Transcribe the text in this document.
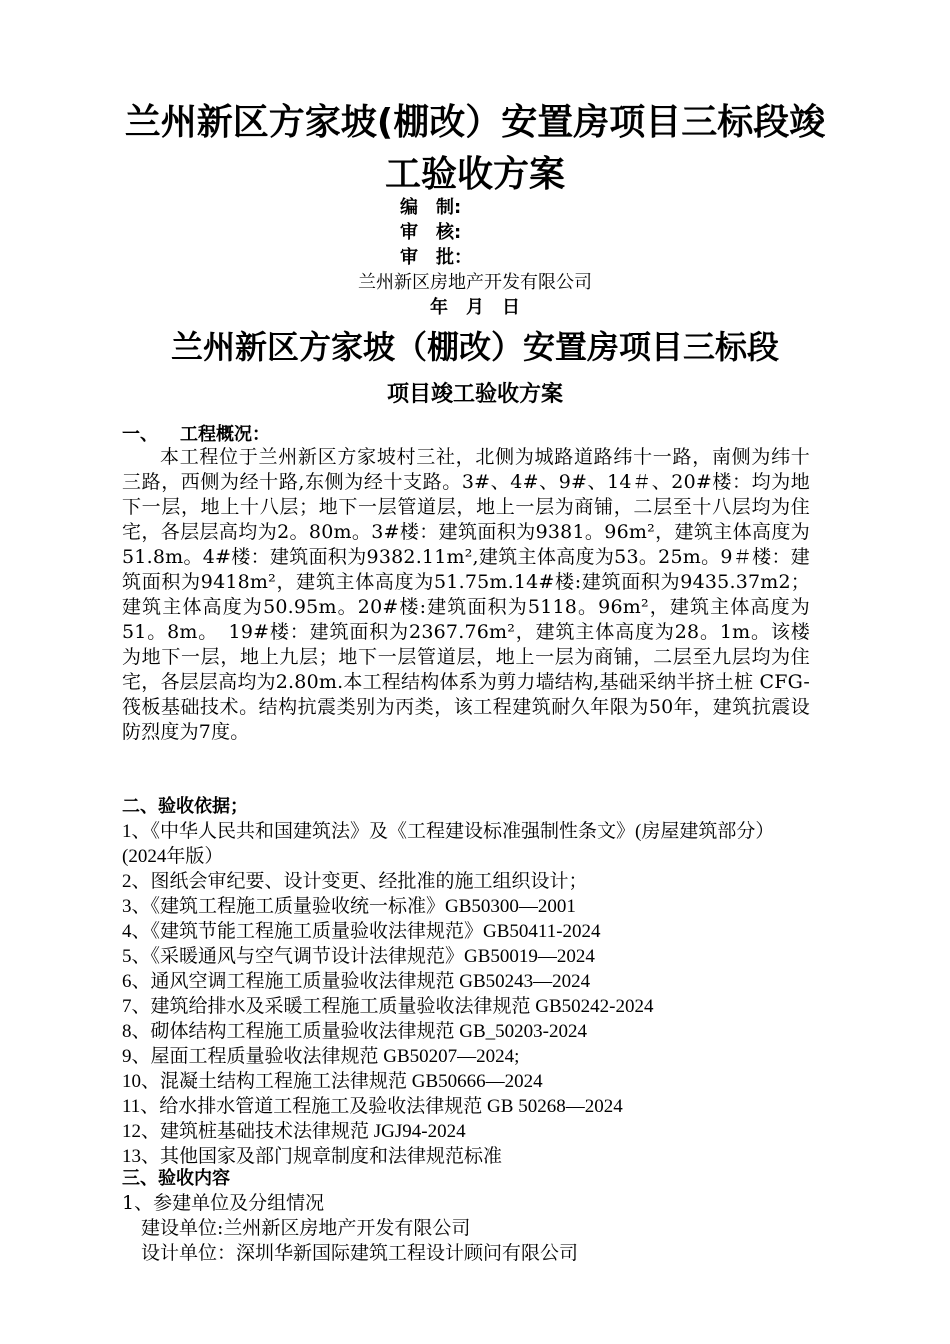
兰州新区方家坡(棚改）安置房项目三标段竣
工验收方案
编　制:
审　核:
审　批：
兰州新区房地产开发有限公司
年　月　日
兰州新区方家坡（棚改）安置房项目三标段
项目竣工验收方案
一、 工程概况：
本工程位于兰州新区方家坡村三社，北侧为城路道路纬十一路，南侧为纬十三路，西侧为经十路,东侧为经十支路。3#、4#、9#、14＃、20#楼：均为地下一层，地上十八层；地下一层管道层，地上一层为商铺，二层至十八层均为住宅，各层层高均为2。80m。3#楼：建筑面积为9381。96m²，建筑主体高度为51.8m。4#楼：建筑面积为9382.11m²,建筑主体高度为53。25m。9＃楼：建筑面积为9418m²，建筑主体高度为51.75m.14#楼:建筑面积为9435.37m2；建筑主体高度为50.95m。20#楼:建筑面积为5118。96m²，建筑主体高度为51。8m。　19#楼：建筑面积为2367.76m²，建筑主体高度为28。1m。该楼为地下一层，地上九层；地下一层管道层，地上一层为商铺，二层至九层均为住宅，各层层高均为2.80m.本工程结构体系为剪力墙结构,基础采纳半挤土桩 CFG-筏板基础技术。结构抗震类别为丙类，该工程建筑耐久年限为50年，建筑抗震设防烈度为7度。
二、验收依据；
1、《中华人民共和国建筑法》及《工程建设标准强制性条文》(房屋建筑部分）(2024年版）
2、图纸会审纪要、设计变更、经批准的施工组织设计；
3、《建筑工程施工质量验收统一标准》GB50300—2001
4、《建筑节能工程施工质量验收法律规范》GB50411-2024
5、《采暖通风与空气调节设计法律规范》GB50019—2024
6、通风空调工程施工质量验收法律规范 GB50243—2024
7、建筑给排水及采暖工程施工质量验收法律规范 GB50242-2024
8、砌体结构工程施工质量验收法律规范 GB_50203-2024
9、屋面工程质量验收法律规范 GB50207—2024;
10、混凝土结构工程施工法律规范 GB50666—2024
11、给水排水管道工程施工及验收法律规范 GB 50268—2024
12、建筑桩基础技术法律规范 JGJ94-2024
13、其他国家及部门规章制度和法律规范标准
三、验收内容
1、参建单位及分组情况
建设单位:兰州新区房地产开发有限公司
设计单位：深圳华新国际建筑工程设计顾问有限公司
